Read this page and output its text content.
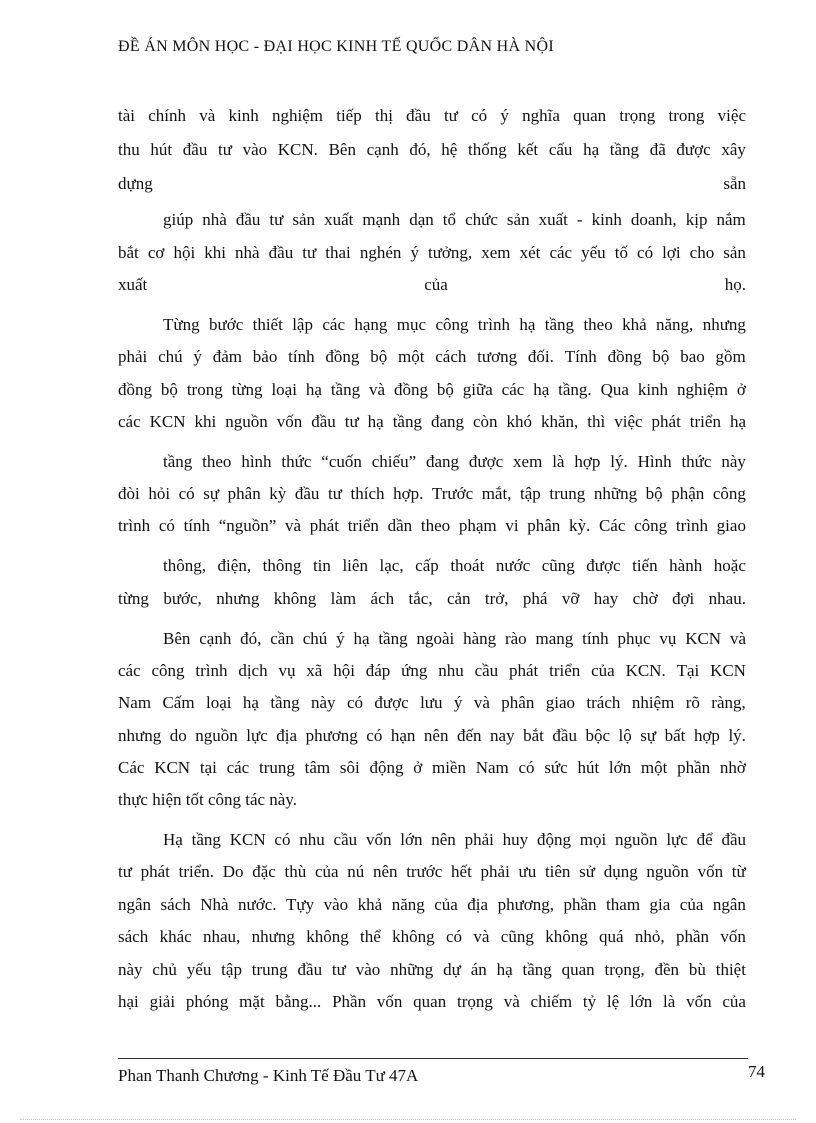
ĐỀ ÁN MÔN HỌC - ĐẠI HỌC KINH TẾ QUỐC DÂN HÀ NỘI
tài chính và kinh nghiệm tiếp thị đầu tư có ý nghĩa quan trọng trong việc
thu hút đầu tư vào KCN. Bên cạnh đó, hệ thống kết cấu hạ tầng đã được xây
dựng	sẵn
giúp nhà đầu tư sản xuất mạnh dạn tổ chức sản xuất - kinh doanh, kịp nắm
bắt cơ hội khi nhà đầu tư thai nghén ý tưởng, xem xét các yếu tố có lợi cho sản
xuất	của	họ.
Từng bước thiết lập các hạng mục công trình hạ tầng theo khả năng, nhưng
phải chú ý đảm bảo tính đồng bộ một cách tương đối. Tính đồng bộ bao gồm
đồng bộ trong từng loại hạ tầng và đồng bộ giữa các hạ tầng. Qua kinh nghiệm ở
các KCN khi nguồn vốn đầu tư hạ tầng đang còn khó khăn, thì việc phát triển hạ
tầng theo hình thức “cuốn chiếu” đang được xem là hợp lý. Hình thức này
đòi hỏi có sự phân kỳ đầu tư thích hợp. Trước mắt, tập trung những bộ phận công
trình có tính “nguồn” và phát triển dần theo phạm vi phân kỳ. Các công trình giao
thông, điện, thông tin liên lạc, cấp thoát nước cũng được tiến hành hoặc
từng bước, nhưng không làm ách tắc, cản trở, phá vỡ hay chờ đợi nhau.
Bên cạnh đó, cần chú ý hạ tầng ngoài hàng rào mang tính phục vụ KCN và
các công trình dịch vụ xã hội đáp ứng nhu cầu phát triển của KCN. Tại KCN
Nam Cấm loại hạ tầng này có được lưu ý và phân giao trách nhiệm rõ ràng,
nhưng do nguồn lực địa phương có hạn nên đến nay bắt đầu bộc lộ sự bất hợp lý.
Các KCN tại các trung tâm sôi động ở miền Nam có sức hút lớn một phần nhờ
thực hiện tốt công tác này.
Hạ tầng KCN có nhu cầu vốn lớn nên phải huy động mọi nguồn lực để đầu
tư phát triển. Do đặc thù của nú nên trước hết phải ưu tiên sử dụng nguồn vốn từ
ngân sách Nhà nước. Tựy vào khả năng của địa phương, phần tham gia của ngân
sách khác nhau, nhưng không thể không có và cũng không quá nhỏ, phần vốn
này chủ yếu tập trung đầu tư vào những dự án hạ tầng quan trọng, đền bù thiệt
hại giải phóng mặt bằng... Phần vốn quan trọng và chiếm tỷ lệ lớn là vốn của
Phan Thanh Chương - Kinh Tế Đầu Tư 47A	74
